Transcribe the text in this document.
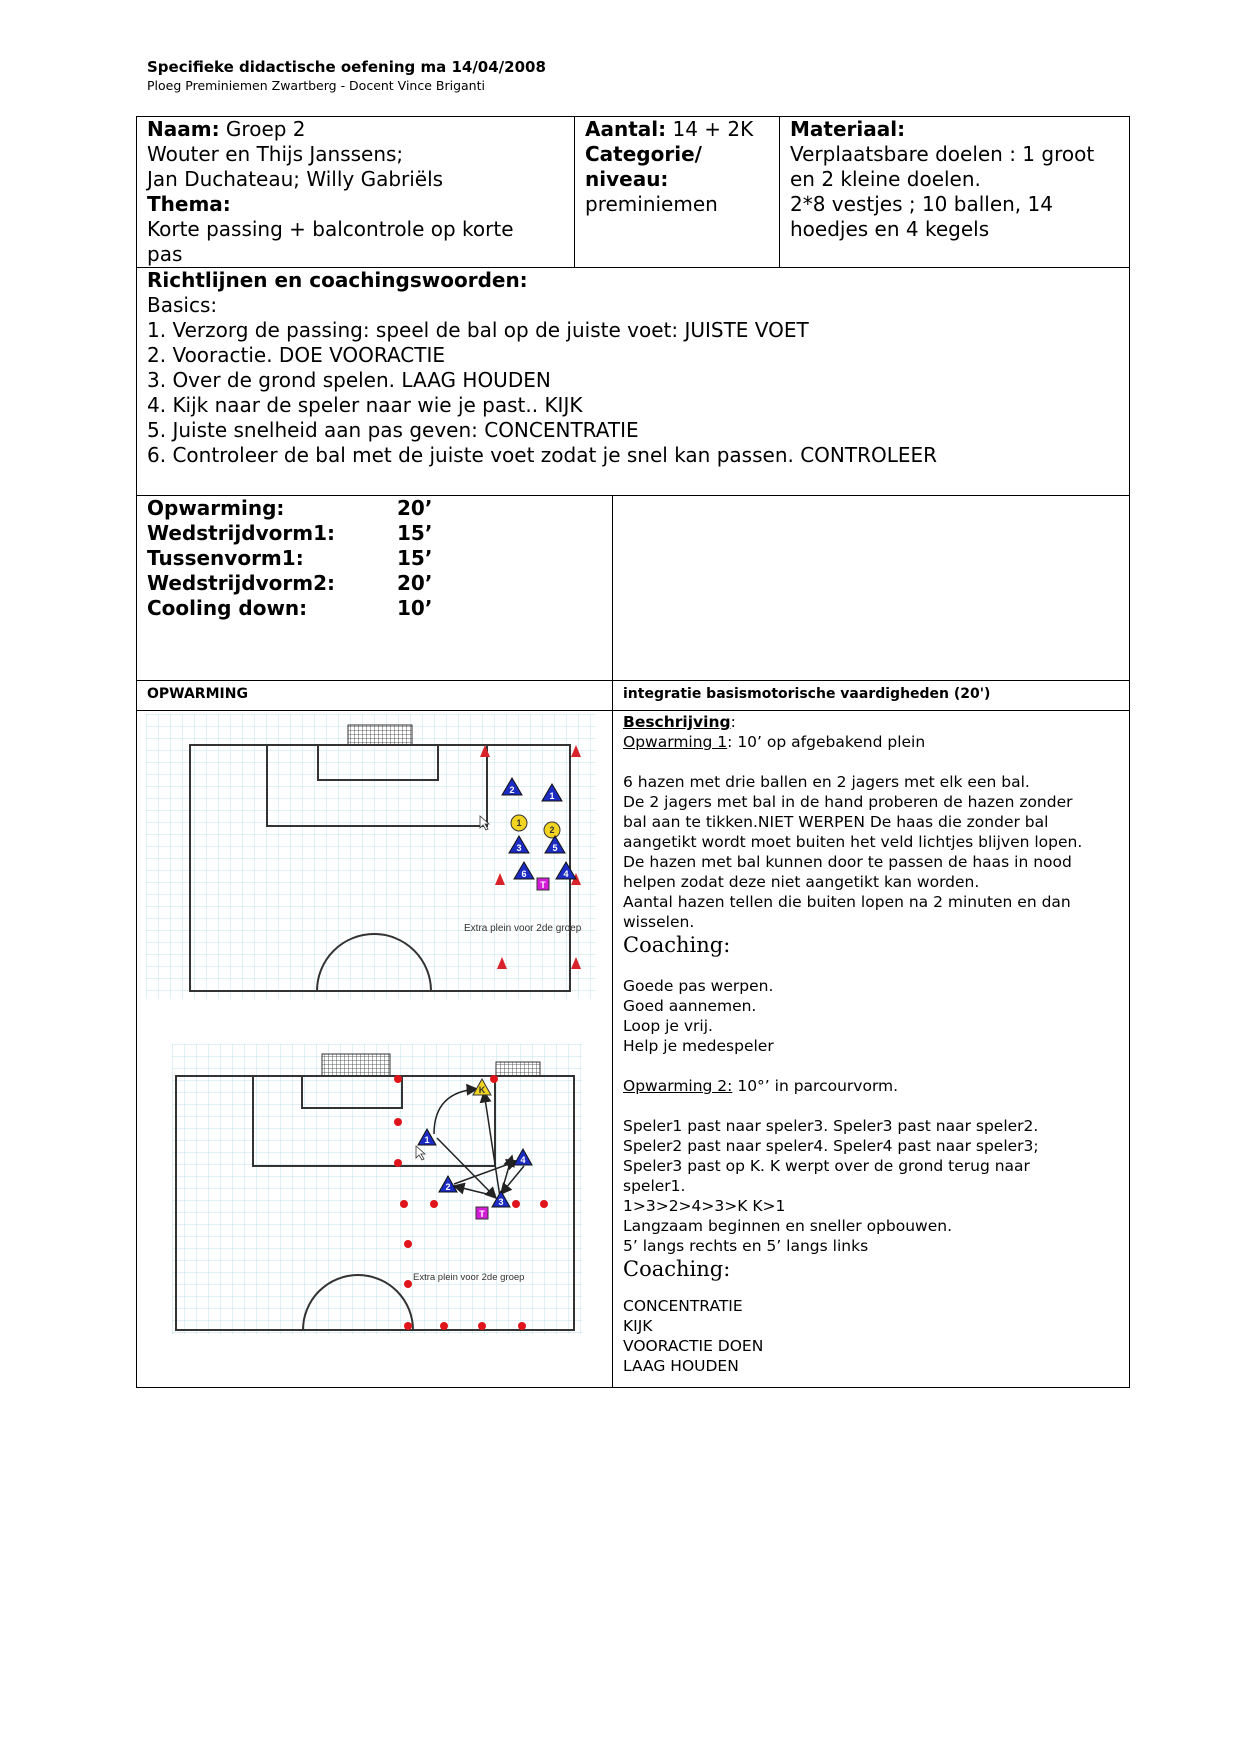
Specifieke didactische oefening ma 14/04/2008
Ploeg Preminiemen Zwartberg - Docent Vince Briganti
Naam: Groep 2
Wouter en Thijs Janssens;
Jan Duchateau; Willy Gabriëls
Thema:
Korte passing + balcontrole op korte
pas
Aantal: 14 + 2K
Categorie/
niveau:
preminiemen
Materiaal:
Verplaatsbare doelen : 1 groot
en 2 kleine doelen.
2*8 vestjes ; 10 ballen, 14
hoedjes en 4 kegels
Richtlijnen en coachingswoorden:
Basics:
1. Verzorg de passing: speel de bal op de juiste voet: JUISTE VOET
2. Vooractie. DOE VOORACTIE
3. Over de grond spelen. LAAG HOUDEN
4. Kijk naar de speler naar wie je past.. KIJK
5. Juiste snelheid aan pas geven: CONCENTRATIE
6. Controleer de bal met de juiste voet zodat je snel kan passen. CONTROLEER
Opwarming:	20’
Wedstrijdvorm1:	15’
Tussenvorm1:	15’
Wedstrijdvorm2:	20’
Cooling down:	10’
OPWARMING	integratie basismotorische vaardigheden (20')
Beschrijving:
Opwarming 1: 10’ op afgebakend plein
6 hazen met drie ballen en 2 jagers met elk een bal.
De 2 jagers met bal in de hand proberen de hazen zonder
bal aan te tikken.NIET WERPEN De haas die zonder bal
aangetikt wordt moet buiten het veld lichtjes blijven lopen.
De hazen met bal kunnen door te passen de haas in nood
helpen zodat deze niet aangetikt kan worden.
Aantal hazen tellen die buiten lopen na 2 minuten en dan
wisselen.
Coaching:
Goede pas werpen.
Goed aannemen.
Loop je vrij.
Help je medespeler
Opwarming 2: 10°’ in parcourvorm.
Speler1 past naar speler3. Speler3 past naar speler2.
Speler2 past naar speler4. Speler4 past naar speler3;
Speler3 past op K. K werpt over de grond terug naar
speler1.
1>3>2>4>3>K K>1
Langzaam beginnen en sneller opbouwen.
5’ langs rechts en 5’ langs links
Coaching:
CONCENTRATIE
KIJK
VOORACTIE DOEN
LAAG HOUDEN
2
1
1
2
3	5
6	4
T
Extra plein voor 2de groep
K
1
4
2
3
T
Extra plein voor 2de groep
